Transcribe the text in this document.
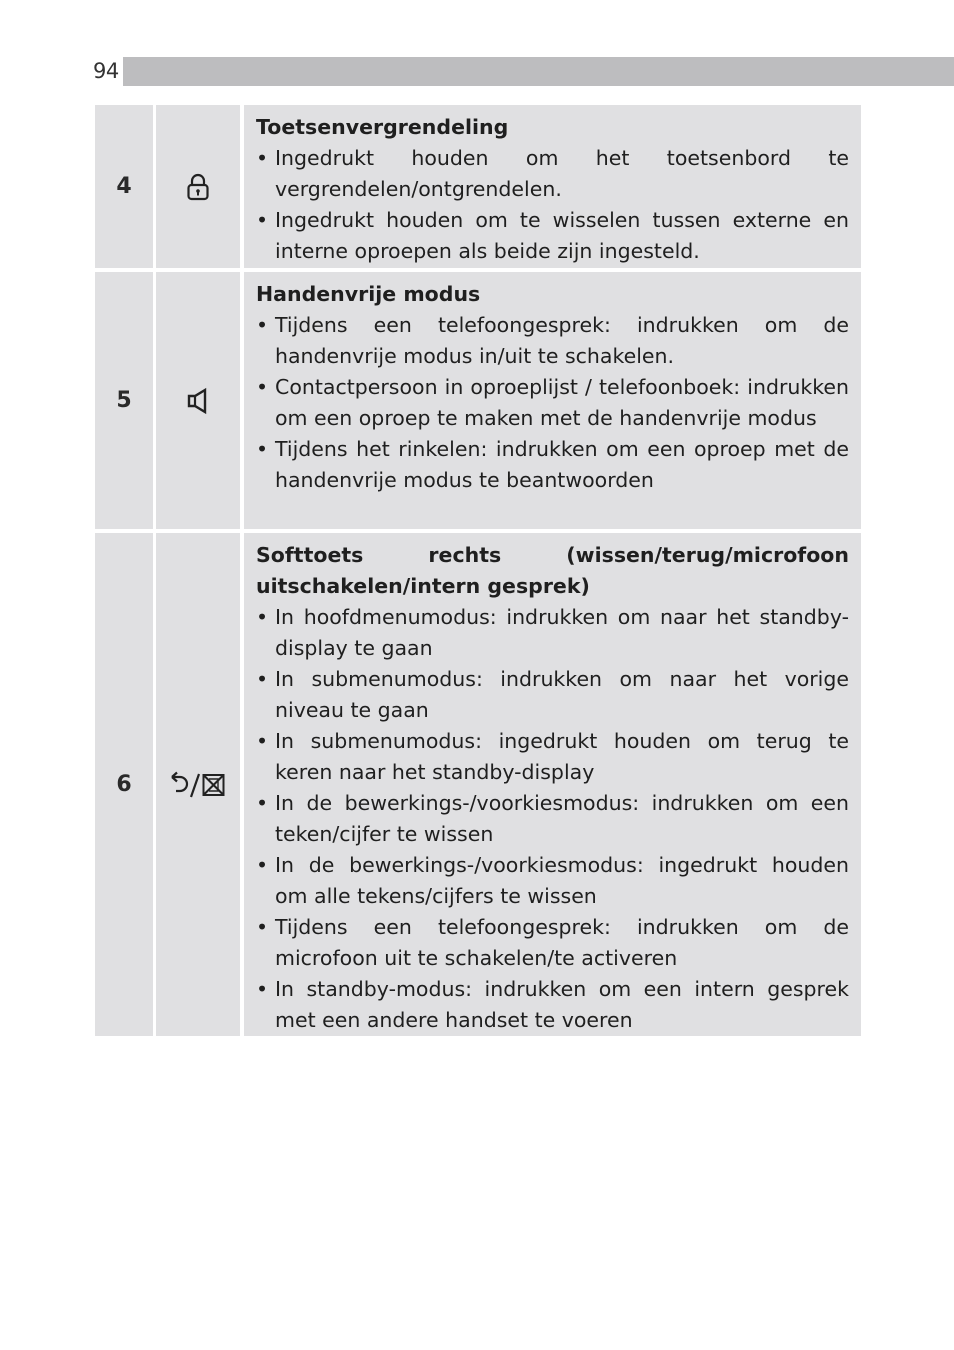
94
4

Toetsenvergrendeling

• Ingedrukt houden om het toetsenbord te vergrendelen/ontgrendelen.
• Ingedrukt houden om te wisselen tussen externe en interne oproepen als beide zijn ingesteld.
5

Handenvrije modus

• Tijdens een telefoongesprek: indrukken om de handenvrije modus in/uit te schakelen.
• Contactpersoon in oproeplijst / telefoonboek: indrukken om een oproep te maken met de handenvrije modus
• Tijdens het rinkelen: indrukken om een oproep met de handenvrije modus te beantwoorden
6

Softtoets rechts (wissen/terug/microfoon uitschakelen/intern gesprek)

• In hoofdmenumodus: indrukken om naar het standby-display te gaan
• In submenumodus: indrukken om naar het vorige niveau te gaan
• In submenumodus: ingedrukt houden om terug te keren naar het standby-display
• In de bewerkings-/voorkiesmodus: indrukken om een teken/cijfer te wissen
• In de bewerkings-/voorkiesmodus: ingedrukt houden om alle tekens/cijfers te wissen
• Tijdens een telefoongesprek: indrukken om de microfoon uit te schakelen/te activeren
• In standby-modus: indrukken om een intern gesprek met een andere handset te voeren
